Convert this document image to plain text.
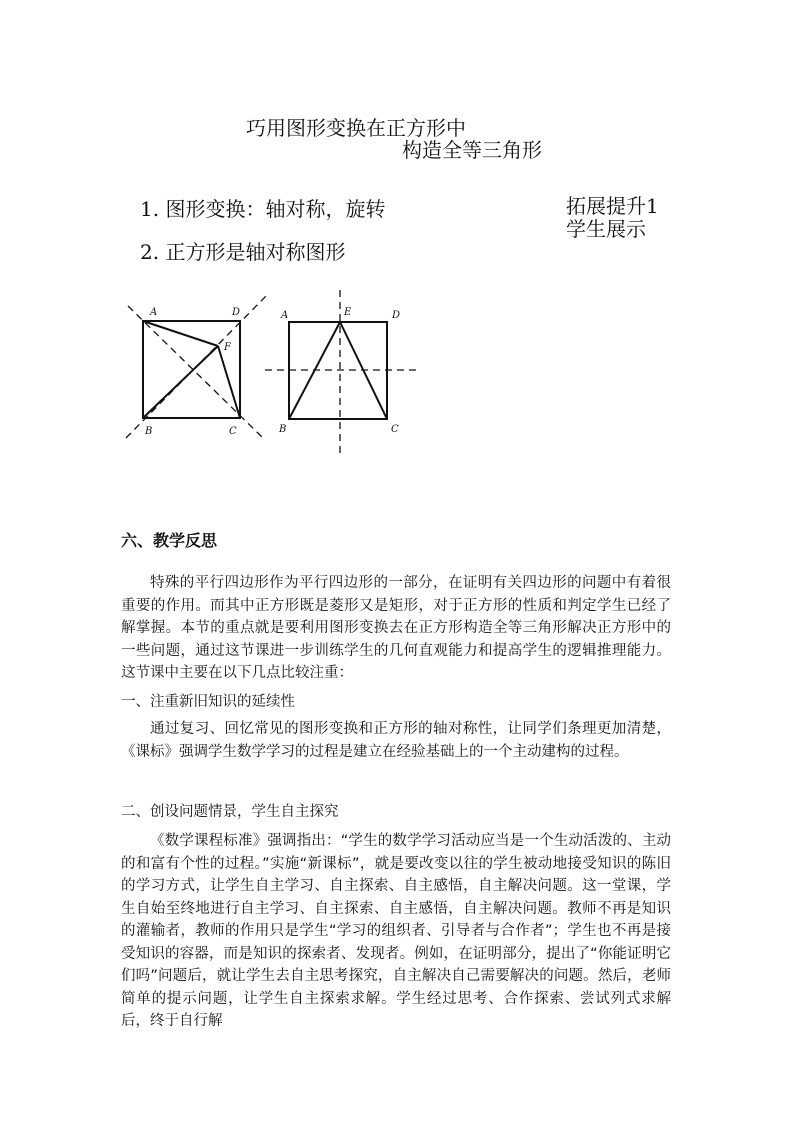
巧用图形变换在正方形中
构造全等三角形
1. 图形变换：轴对称，旋转
2. 正方形是轴对称图形
拓展提升1
学生展示
A	D
F
B	C
A	E	D
B	C
六、教学反思

特殊的平行四边形作为平行四边形的一部分，在证明有关四边形的问题中有着很重要的作用。而其中正方形既是菱形又是矩形，对于正方形的性质和判定学生已经了解掌握。本节的重点就是要利用图形变换去在正方形构造全等三角形解决正方形中的一些问题，通过这节课进一步训练学生的几何直观能力和提高学生的逻辑推理能力。这节课中主要在以下几点比较注重：

一、注重新旧知识的延续性

通过复习、回忆常见的图形变换和正方形的轴对称性，让同学们条理更加清楚，《课标》强调学生数学学习的过程是建立在经验基础上的一个主动建构的过程。

二、创设问题情景，学生自主探究

《数学课程标准》强调指出：“学生的数学学习活动应当是一个生动活泼的、主动的和富有个性的过程。”实施“新课标”，就是要改变以往的学生被动地接受知识的陈旧的学习方式，让学生自主学习、自主探索、自主感悟，自主解决问题。这一堂课，学生自始至终地进行自主学习、自主探索、自主感悟，自主解决问题。教师不再是知识的灌输者，教师的作用只是学生“学习的组织者、引导者与合作者”；学生也不再是接受知识的容器，而是知识的探索者、发现者。例如，在证明部分，提出了“你能证明它们吗”问题后，就让学生去自主思考探究，自主解决自己需要解决的问题。然后，老师简单的提示问题，让学生自主探索求解。学生经过思考、合作探索、尝试列式求解后，终于自行解
